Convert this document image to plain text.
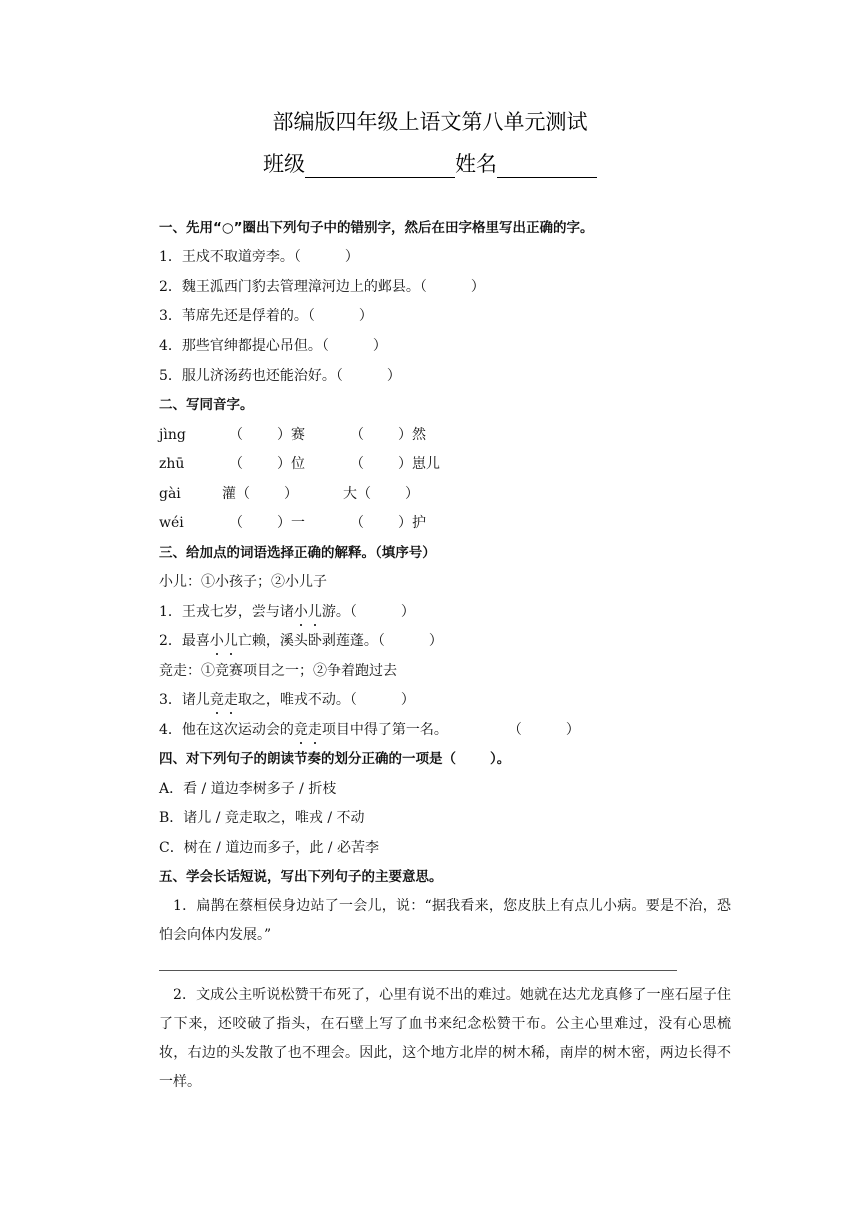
部编版四年级上语文第八单元测试
班级	姓名
一、先用“○”圈出下列句子中的错别字，然后在田字格里写出正确的字。
1．王戍不取道旁李。（	）
2．魏王泒西门豹去管理漳河边上的邺县。（	）
3．苇席先还是俘着的。（	）
4．那些官绅都提心吊但。（	）
5．服儿济汤药也还能治好。（	）
二、写同音字。
jìng	（ ）赛	（ ）然
zhū	（ ）位	（ ）崽儿
gài	灌（ ）	大（ ）
wéi	（ ）一	（ ）护
三、给加点的词语选择正确的解释。（填序号）
小儿：①小孩子；②小儿子
1．王戎七岁，尝与诸小儿游。（	）
2．最喜小儿亡赖，溪头卧剥莲蓬。（	）
竞走：①竞赛项目之一；②争着跑过去
3．诸儿竞走取之，唯戎不动。（	）
4．他在这次运动会的竞走项目中得了第一名。	（	）
四、对下列句子的朗读节奏的划分正确的一项是（	）。
A．看 / 道边李树多子 / 折枝
B．诸儿 / 竞走取之，唯戎 / 不动
C．树在 / 道边而多子，此 / 必苦李
五、学会长话短说，写出下列句子的主要意思。
1．扁鹊在蔡桓侯身边站了一会儿，说：“据我看来，您皮肤上有点儿小病。要是不治，恐怕会向体内发展。”
2．文成公主听说松赞干布死了，心里有说不出的难过。她就在达尤龙真修了一座石屋子住了下来，还咬破了指头，在石壁上写了血书来纪念松赞干布。公主心里难过，没有心思梳妆，右边的头发散了也不理会。因此，这个地方北岸的树木稀，南岸的树木密，两边长得不一样。
